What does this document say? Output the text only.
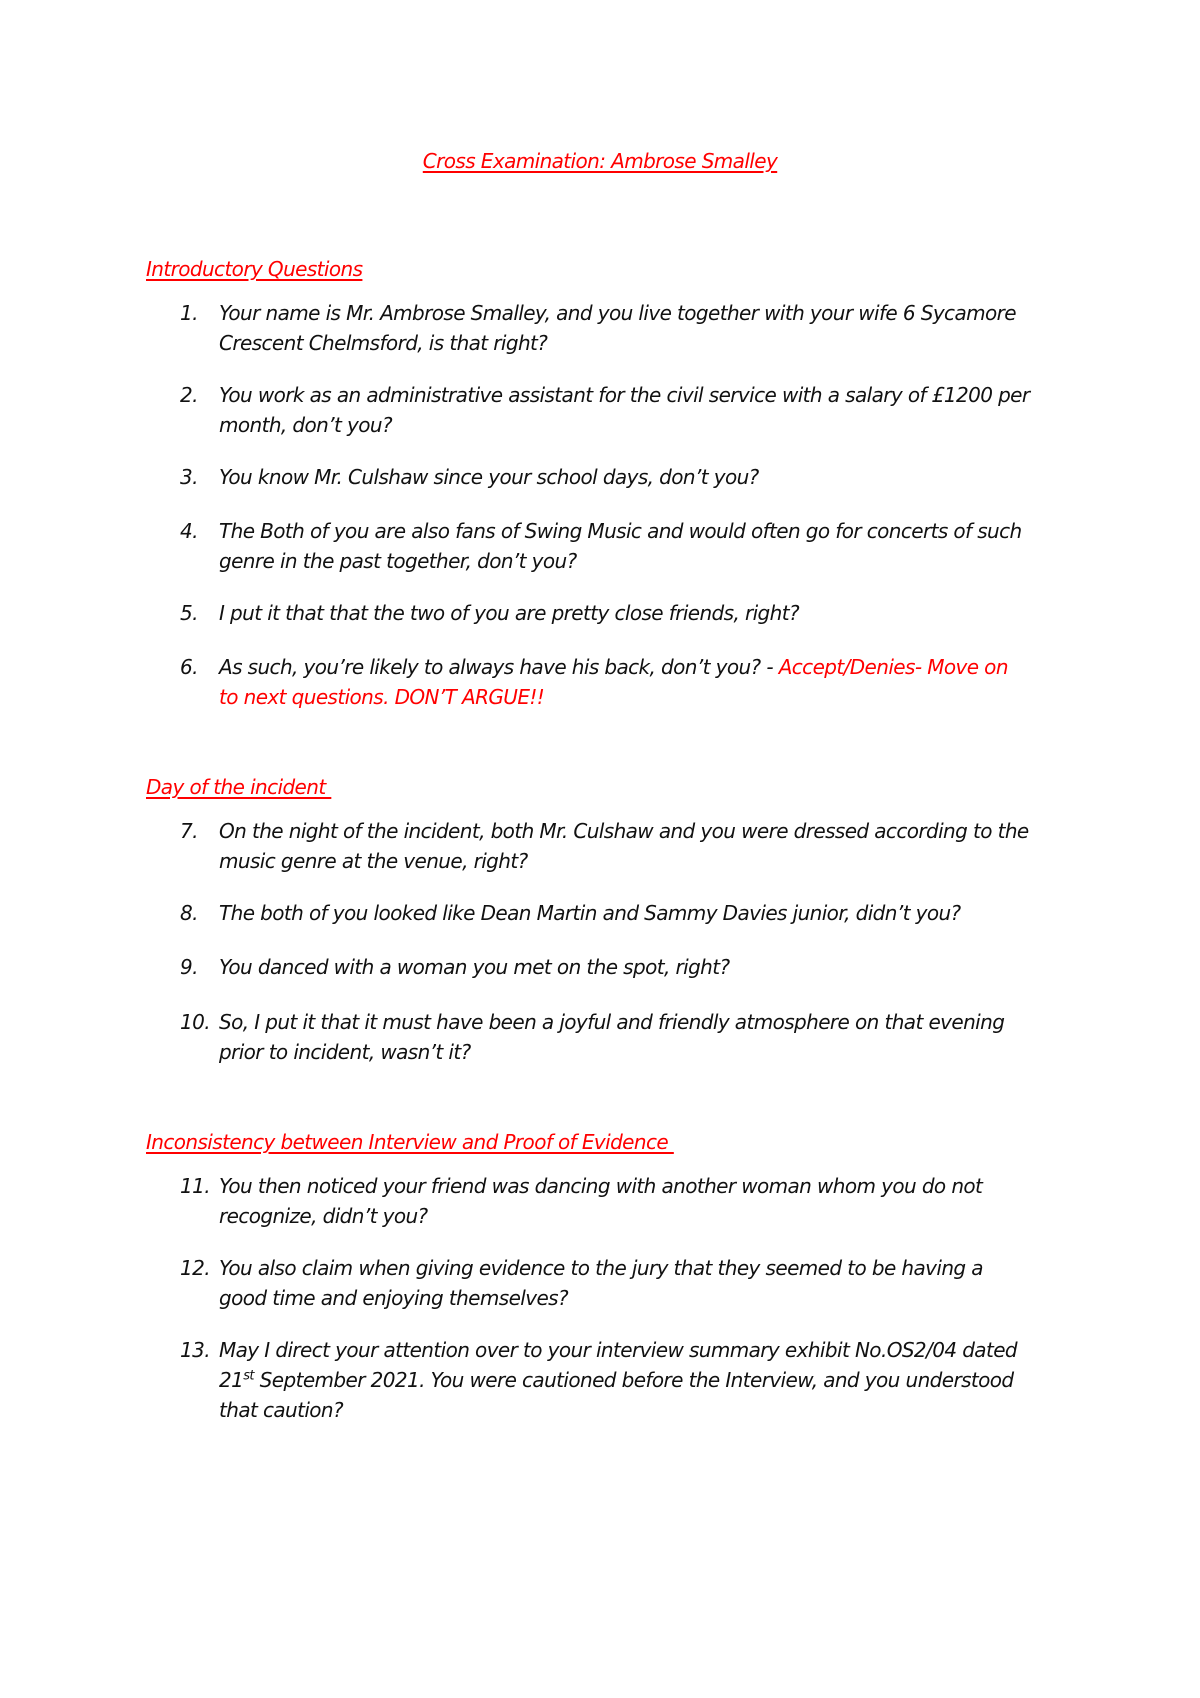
Cross Examination: Ambrose Smalley
Introductory Questions
1.	Your name is Mr. Ambrose Smalley, and you live together with your wife 6 Sycamore
Crescent Chelmsford, is that right?
2.	You work as an administrative assistant for the civil service with a salary of £1200 per
month, don’t you?
3.	You know Mr. Culshaw since your school days, don’t you?
4.	The Both of you are also fans of Swing Music and would often go for concerts of such
genre in the past together, don’t you?
5.	I put it that that the two of you are pretty close friends, right?
6.	As such, you’re likely to always have his back, don’t you? - Accept/Denies- Move on
to next questions. DON’T ARGUE!!
Day of the incident
7.	On the night of the incident, both Mr. Culshaw and you were dressed according to the
music genre at the venue, right?
8.	The both of you looked like Dean Martin and Sammy Davies junior, didn’t you?
9.	You danced with a woman you met on the spot, right?
10. So, I put it that it must have been a joyful and friendly atmosphere on that evening
prior to incident, wasn’t it?
Inconsistency between Interview and Proof of Evidence
11. You then noticed your friend was dancing with another woman whom you do not
recognize, didn’t you?
12. You also claim when giving evidence to the jury that they seemed to be having a
good time and enjoying themselves?
13. May I direct your attention over to your interview summary exhibit No.OS2/04 dated
21st September 2021. You were cautioned before the Interview, and you understood
that caution?
